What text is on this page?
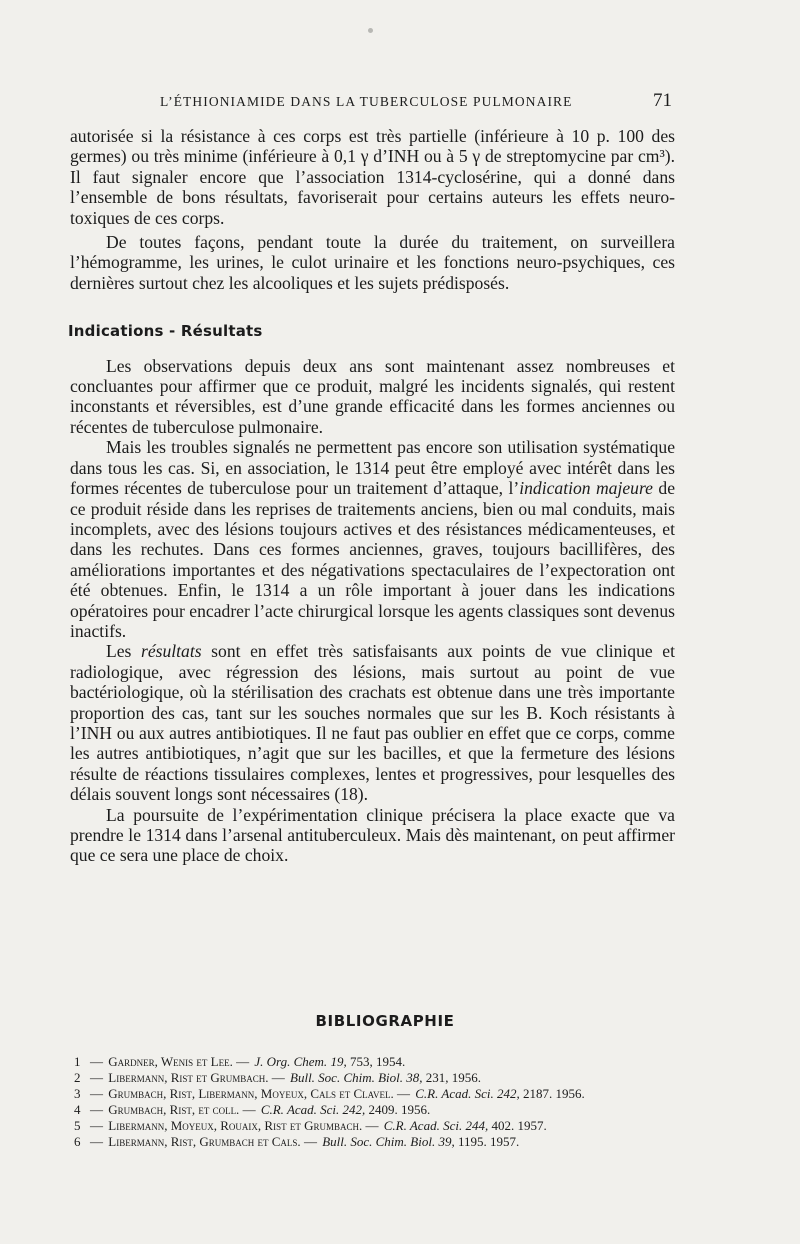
L’ÉTHIONIAMIDE DANS LA TUBERCULOSE PULMONAIRE	71

autorisée si la résistance à ces corps est très partielle (inférieure à 10 p. 100 des germes) ou très minime (inférieure à 0,1 γ d’INH ou à 5 γ de streptomycine par cm³). Il faut signaler encore que l’association 1314-cyclosérine, qui a donné dans l’ensemble de bons résultats, favoriserait pour certains auteurs les effets neuro-toxiques de ces corps.

De toutes façons, pendant toute la durée du traitement, on surveillera l’hémogramme, les urines, le culot urinaire et les fonctions neuro-psychiques, ces dernières surtout chez les alcooliques et les sujets prédisposés.

Indications - Résultats

Les observations depuis deux ans sont maintenant assez nombreuses et concluantes pour affirmer que ce produit, malgré les incidents signalés, qui restent inconstants et réversibles, est d’une grande efficacité dans les formes anciennes ou récentes de tuberculose pulmonaire.

Mais les troubles signalés ne permettent pas encore son utilisation systématique dans tous les cas. Si, en association, le 1314 peut être employé avec intérêt dans les formes récentes de tuberculose pour un traitement d’attaque, l’indication majeure de ce produit réside dans les reprises de traitements anciens, bien ou mal conduits, mais incomplets, avec des lésions toujours actives et des résistances médicamenteuses, et dans les rechutes. Dans ces formes anciennes, graves, toujours bacillifères, des améliorations importantes et des négativations spectaculaires de l’expectoration ont été obtenues. Enfin, le 1314 a un rôle important à jouer dans les indications opératoires pour encadrer l’acte chirurgical lorsque les agents classiques sont devenus inactifs.

Les résultats sont en effet très satisfaisants aux points de vue clinique et radiologique, avec régression des lésions, mais surtout au point de vue bactériologique, où la stérilisation des crachats est obtenue dans une très importante proportion des cas, tant sur les souches normales que sur les B. Koch résistants à l’INH ou aux autres antibiotiques. Il ne faut pas oublier en effet que ce corps, comme les autres antibiotiques, n’agit que sur les bacilles, et que la fermeture des lésions résulte de réactions tissulaires complexes, lentes et progressives, pour lesquelles des délais souvent longs sont nécessaires (18).

La poursuite de l’expérimentation clinique précisera la place exacte que va prendre le 1314 dans l’arsenal antituberculeux. Mais dès maintenant, on peut affirmer que ce sera une place de choix.

BIBLIOGRAPHIE
1 — Gardner, Wenis et Lee. — J. Org. Chem. 19, 753, 1954.
2 — Libermann, Rist et Grumbach. — Bull. Soc. Chim. Biol. 38, 231, 1956.
3 — Grumbach, Rist, Libermann, Moyeux, Cals et Clavel. — C.R. Acad. Sci. 242, 2187. 1956.
4 — Grumbach, Rist, et coll. — C.R. Acad. Sci. 242, 2409. 1956.
5 — Libermann, Moyeux, Rouaix, Rist et Grumbach. — C.R. Acad. Sci. 244, 402. 1957.
6 — Libermann, Rist, Grumbach et Cals. — Bull. Soc. Chim. Biol. 39, 1195. 1957.
